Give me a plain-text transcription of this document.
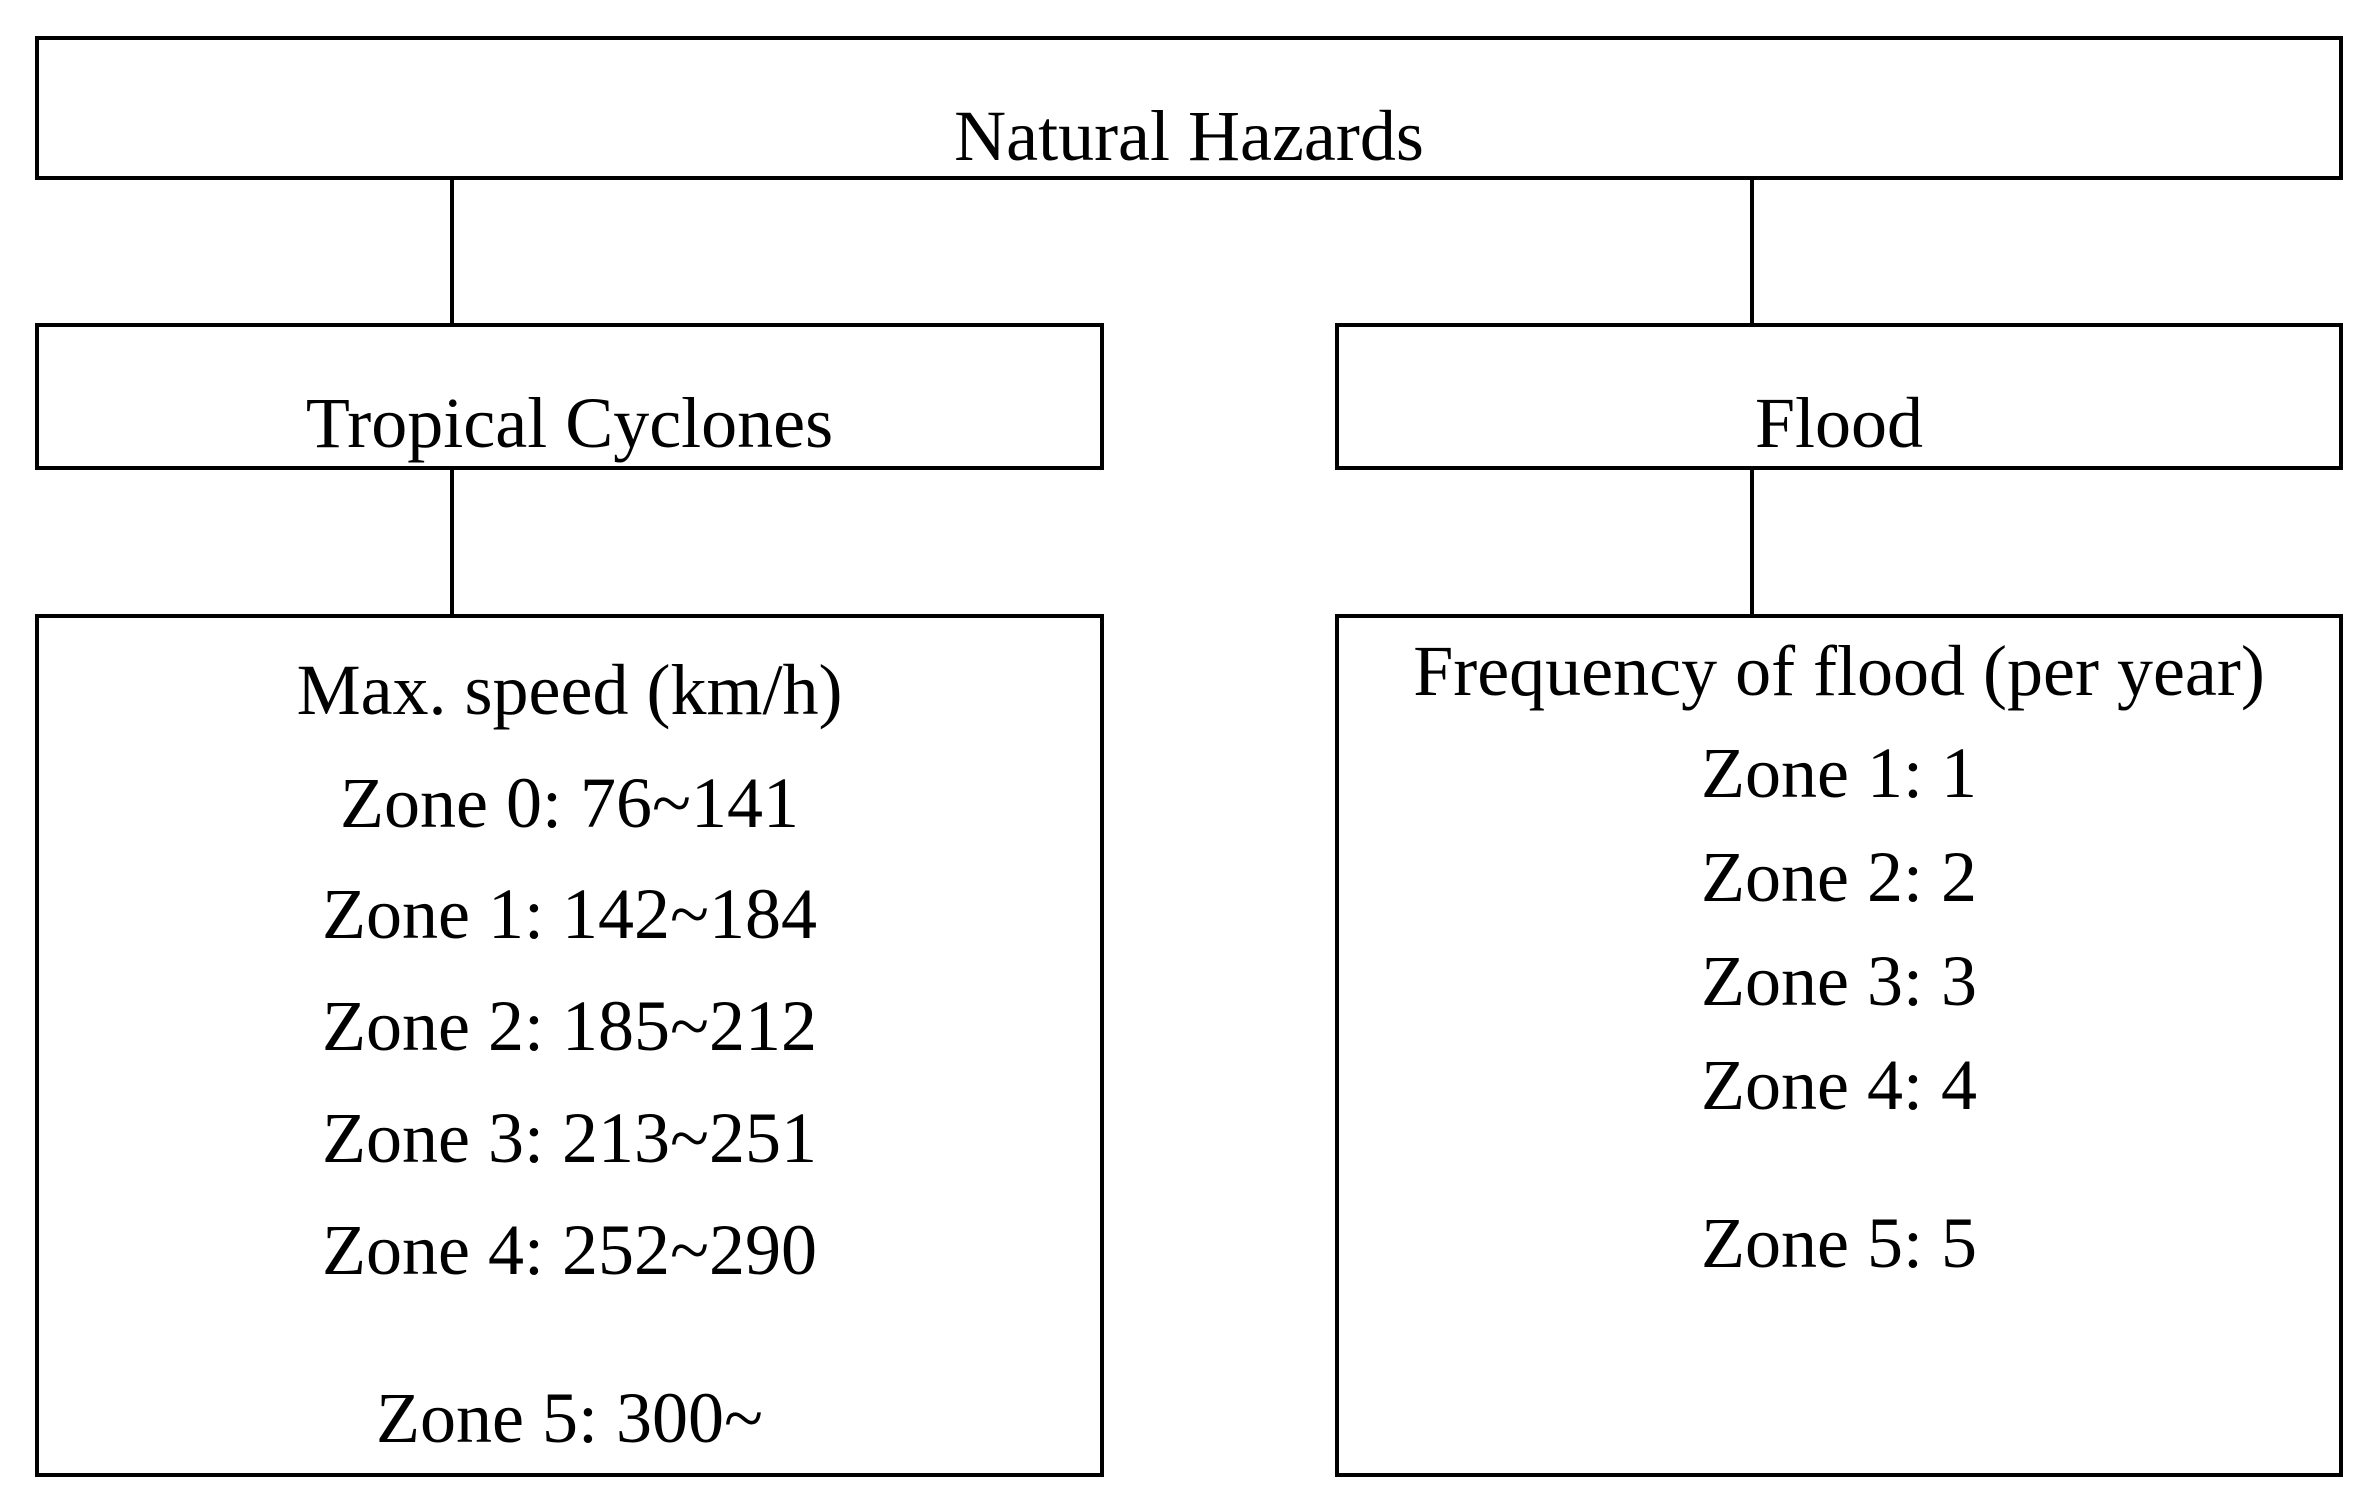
Natural Hazards
Tropical Cyclones	Flood
Max. speed (km/h)
Zone 0: 76~141
Zone 1: 142~184
Zone 2: 185~212
Zone 3: 213~251
Zone 4: 252~290
Zone 5: 300~
Frequency of flood (per year)
Zone 1: 1
Zone 2: 2
Zone 3: 3
Zone 4: 4
Zone 5: 5
